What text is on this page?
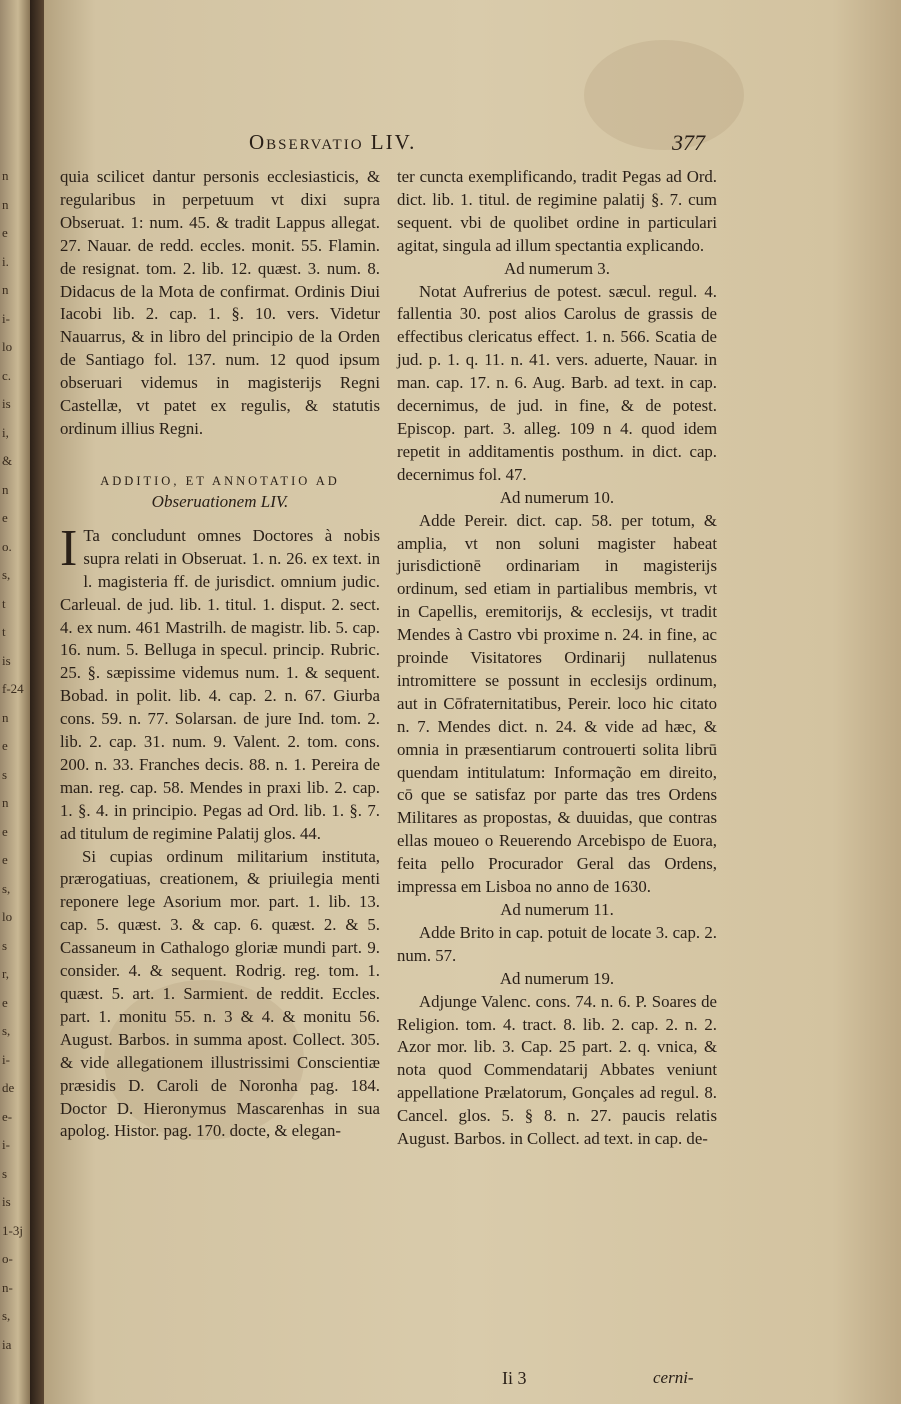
n
n
e
i.
n
i-
lo
c.
is
i,
&
n
e
o.
s,
t
t
is
f-24
n
e
s
n
e
e
s,
lo
s
r,
e
s,
i-
de
e-
i-
s
is
1-3j
o-
n-
s,
ia
Observatio LIV.	377

quia scilicet dantur personis ecclesiasticis, & regularibus in perpetuum vt dixi supra Obseruat. 1: num. 45. & tradit Lappus allegat. 27. Nauar. de redd. eccles. monit. 55. Flamin. de resignat. tom. 2. lib. 12. quæst. 3. num. 8. Didacus de la Mota de confirmat. Ordinis Diui Iacobi lib. 2. cap. 1. §. 10. vers. Videtur Nauarrus, & in libro del principio de la Orden de Santiago fol. 137. num. 12 quod ipsum obseruari videmus in magisterijs Regni Castellæ, vt patet ex regulis, & statutis ordinum illius Regni.

ADDITIO, ET ANNOTATIO AD
Obseruationem LIV.
I Ta concludunt omnes Doctores à nobis supra relati in Obseruat. 1. n. 26. ex text. in l. magisteria ff. de jurisdict. omnium judic. Carleual. de jud. lib. 1. titul. 1. disput. 2. sect. 4. ex num. 461 Mastrilh. de magistr. lib. 5. cap. 16. num. 5. Belluga in specul. princip. Rubric. 25. §. sæpissime videmus num. 1. & sequent. Bobad. in polit. lib. 4. cap. 2. n. 67. Giurba cons. 59. n. 77. Solarsan. de jure Ind. tom. 2. lib. 2. cap. 31. num. 9. Valent. 2. tom. cons. 200. n. 33. Franches decis. 88. n. 1. Pereira de man. reg. cap. 58. Mendes in praxi lib. 2. cap. 1. §. 4. in principio. Pegas ad Ord. lib. 1. §. 7. ad titulum de regimine Palatij glos. 44.

Si cupias ordinum militarium instituta, prærogatiuas, creationem, & priuilegia menti reponere lege Asorium mor. part. 1. lib. 13. cap. 5. quæst. 3. & cap. 6. quæst. 2. & 5. Cassaneum in Cathalogo gloriæ mundi part. 9. consider. 4. & sequent. Rodrig. reg. tom. 1. quæst. 5. art. 1. Sarmient. de reddit. Eccles. part. 1. monitu 55. n. 3 & 4. & monitu 56. August. Barbos. in summa apost. Collect. 305. & vide allegationem illustrissimi Conscientiæ præsidis D. Caroli de Noronha pag. 184. Doctor D. Hieronymus Mascarenhas in sua apolog. Histor. pag. 170. docte, & elegan-

ter cuncta exemplificando, tradit Pegas ad Ord. dict. lib. 1. titul. de regimine palatij §. 7. cum sequent. vbi de quolibet ordine in particulari agitat, singula ad illum spectantia explicando.

Ad numerum 3.

Notat Aufrerius de potest. sæcul. regul. 4. fallentia 30. post alios Carolus de grassis de effectibus clericatus effect. 1. n. 566. Scatia de jud. p. 1. q. 11. n. 41. vers. aduerte, Nauar. in man. cap. 17. n. 6. Aug. Barb. ad text. in cap. decernimus, de jud. in fine, & de potest. Episcop. part. 3. alleg. 109 n 4. quod idem repetit in additamentis posthum. in dict. cap. decernimus fol. 47.

Ad numerum 10.

Adde Pereir. dict. cap. 58. per totum, & amplia, vt non soluni magister habeat jurisdictionē ordinariam in magisterijs ordinum, sed etiam in partialibus membris, vt in Capellis, eremitorijs, & ecclesijs, vt tradit Mendes à Castro vbi proxime n. 24. in fine, ac proinde Visitatores Ordinarij nullatenus intromittere se possunt in ecclesijs ordinum, aut in Cōfraternitatibus, Pereir. loco hic citato n. 7. Mendes dict. n. 24. & vide ad hæc, & omnia in præsentiarum controuerti solita librū quendam intitulatum: Informação em direito, cō que se satisfaz por parte das tres Ordens Militares as propostas, & duuidas, que contras ellas moueo o Reuerendo Arcebispo de Euora, feita pello Procurador Geral das Ordens, impressa em Lisboa no anno de 1630.

Ad numerum 11.

Adde Brito in cap. potuit de locate 3. cap. 2. num. 57.

Ad numerum 19.

Adjunge Valenc. cons. 74. n. 6. P. Soares de Religion. tom. 4. tract. 8. lib. 2. cap. 2. n. 2. Azor mor. lib. 3. Cap. 25 part. 2. q. vnica, & nota quod Commendatarij Abbates veniunt appellatione Prælatorum, Gonçales ad regul. 8. Cancel. glos. 5. § 8. n. 27. paucis relatis August. Barbos. in Collect. ad text. in cap. de-

Ii 3	cerni-
